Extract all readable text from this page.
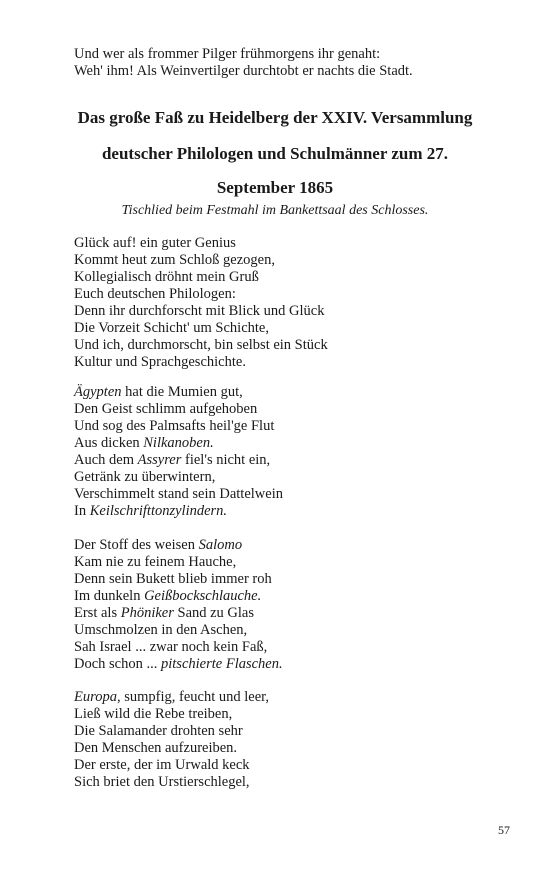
Und wer als frommer Pilger frühmorgens ihr genaht:
Weh' ihm! Als Weinvertilger durchtobt er nachts die Stadt.
Das große Faß zu Heidelberg der XXIV. Versammlung
deutscher Philologen und Schulmänner zum 27.
September 1865
Tischlied beim Festmahl im Bankettsaal des Schlosses.
Glück auf! ein guter Genius
Kommt heut zum Schloß gezogen,
Kollegialisch dröhnt mein Gruß
Euch deutschen Philologen:
Denn ihr durchforscht mit Blick und Glück
Die Vorzeit Schicht' um Schichte,
Und ich, durchmorscht, bin selbst ein Stück
Kultur und Sprachgeschichte.
Ägypten hat die Mumien gut,
Den Geist schlimm aufgehoben
Und sog des Palmsafts heil'ge Flut
Aus dicken Nilkanoben.
Auch dem Assyrer fiel's nicht ein,
Getränk zu überwintern,
Verschimmelt stand sein Dattelwein
In Keilschrifttonzylindern.
Der Stoff des weisen Salomo
Kam nie zu feinem Hauche,
Denn sein Bukett blieb immer roh
Im dunkeln Geißbockschlauche.
Erst als Phöniker Sand zu Glas
Umschmolzen in den Aschen,
Sah Israel ... zwar noch kein Faß,
Doch schon ... pitschierte Flaschen.
Europa, sumpfig, feucht und leer,
Ließ wild die Rebe treiben,
Die Salamander drohten sehr
Den Menschen aufzureiben.
Der erste, der im Urwald keck
Sich briet den Urstierschlegel,
57
